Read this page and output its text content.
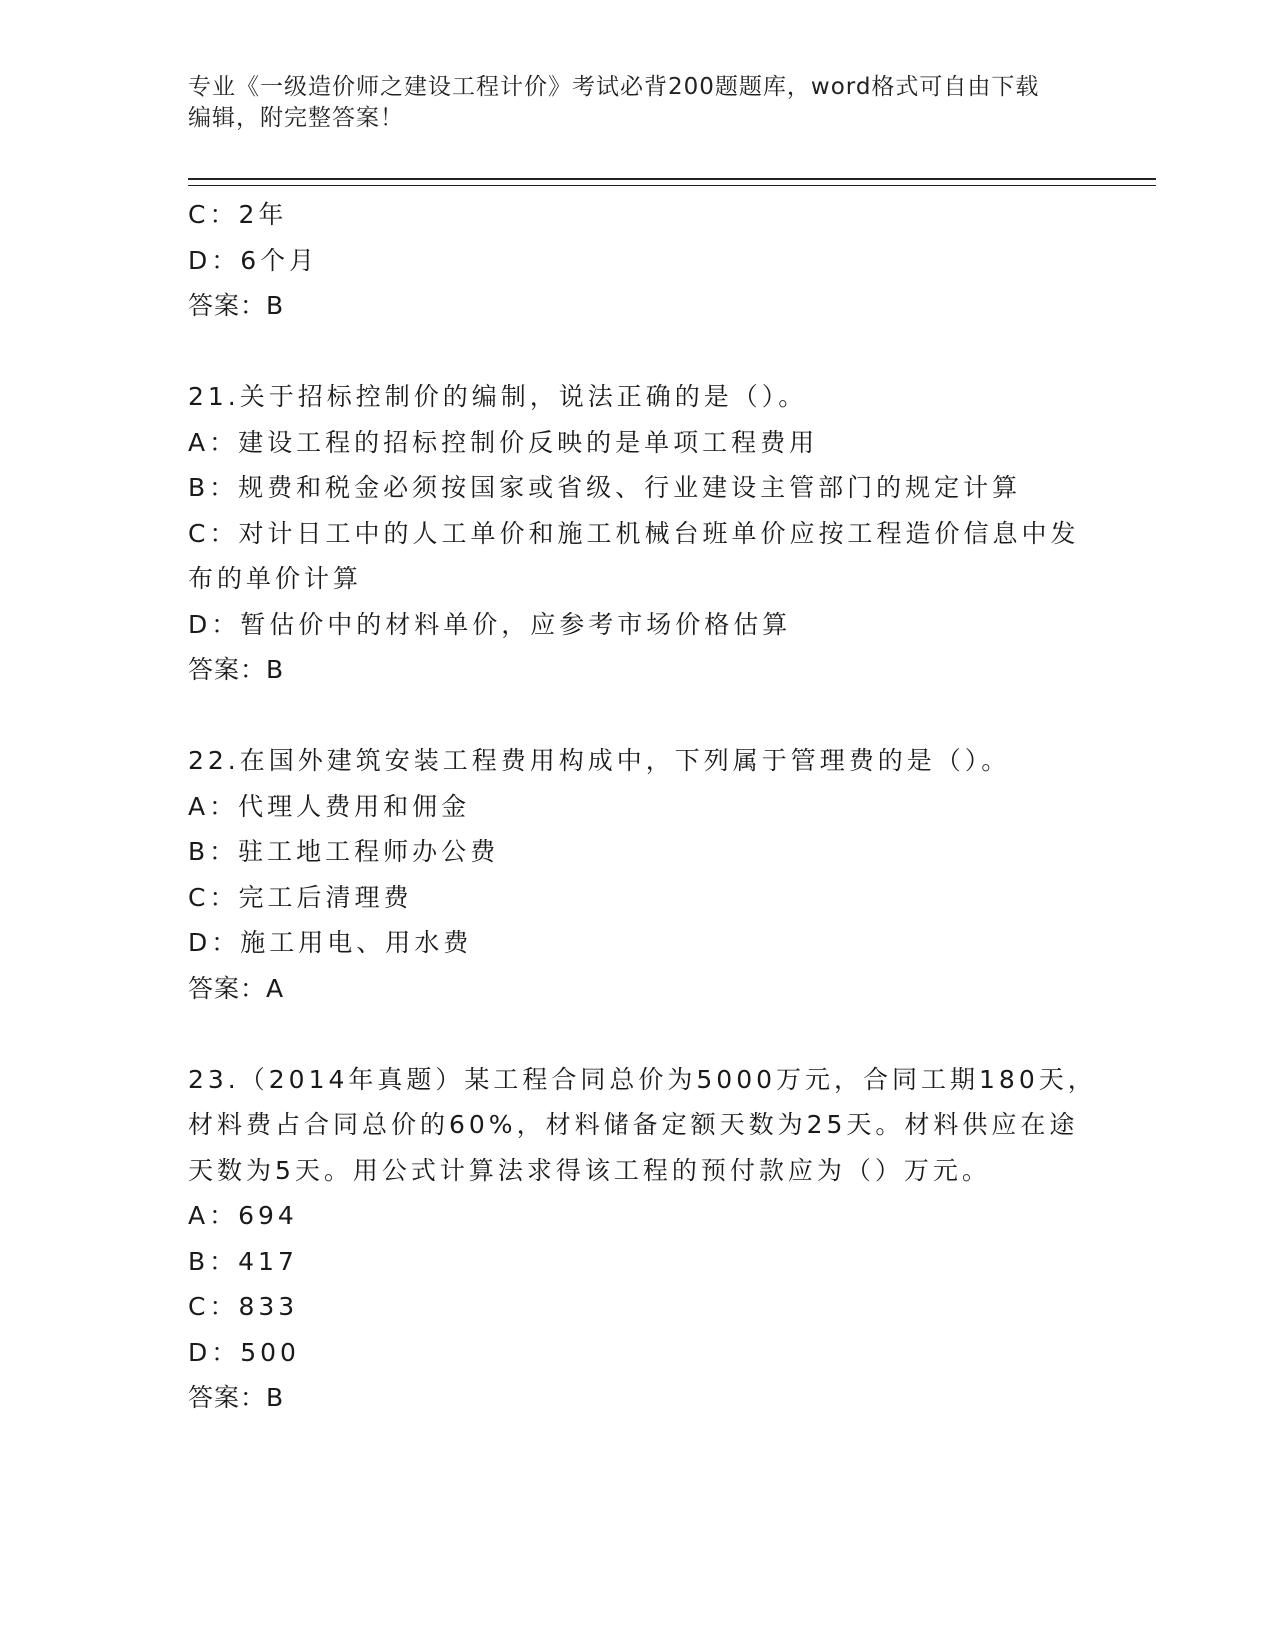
专业《一级造价师之建设工程计价》考试必背200题题库，word格式可自由下载
编辑，附完整答案！
C：2年
D：6个月
答案：B
21.关于招标控制价的编制，说法正确的是（）。
A：建设工程的招标控制价反映的是单项工程费用
B：规费和税金必须按国家或省级、行业建设主管部门的规定计算
C：对计日工中的人工单价和施工机械台班单价应按工程造价信息中发
布的单价计算
D：暂估价中的材料单价，应参考市场价格估算
答案：B
22.在国外建筑安装工程费用构成中，下列属于管理费的是（）。
A：代理人费用和佣金
B：驻工地工程师办公费
C：完工后清理费
D：施工用电、用水费
答案：A
23.（2014年真题）某工程合同总价为5000万元，合同工期180天，
材料费占合同总价的60%，材料储备定额天数为25天。材料供应在途
天数为5天。用公式计算法求得该工程的预付款应为（）万元。
A：694
B：417
C：833
D：500
答案：B
